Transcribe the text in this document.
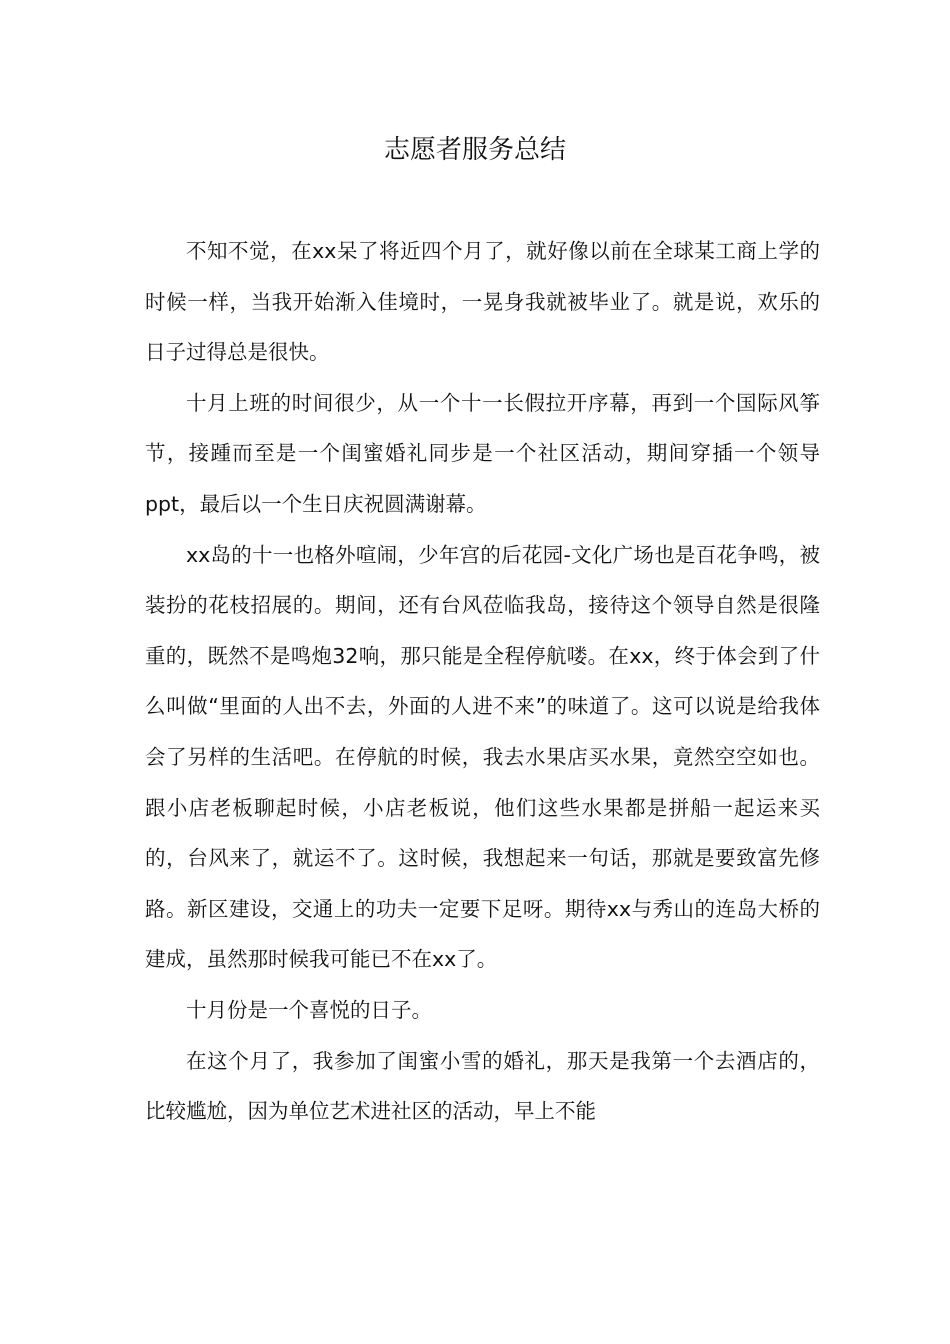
志愿者服务总结

不知不觉，在xx呆了将近四个月了，就好像以前在全球某工商上学的时候一样，当我开始渐入佳境时，一晃身我就被毕业了。就是说，欢乐的日子过得总是很快。

十月上班的时间很少，从一个十一长假拉开序幕，再到一个国际风筝节，接踵而至是一个闺蜜婚礼同步是一个社区活动，期间穿插一个领导ppt，最后以一个生日庆祝圆满谢幕。

xx岛的十一也格外喧闹，少年宫的后花园-文化广场也是百花争鸣，被装扮的花枝招展的。期间，还有台风莅临我岛，接待这个领导自然是很隆重的，既然不是鸣炮32响，那只能是全程停航喽。在xx，终于体会到了什么叫做“里面的人出不去，外面的人进不来”的味道了。这可以说是给我体会了另样的生活吧。在停航的时候，我去水果店买水果，竟然空空如也。跟小店老板聊起时候，小店老板说，他们这些水果都是拼船一起运来买的，台风来了，就运不了。这时候，我想起来一句话，那就是要致富先修路。新区建设，交通上的功夫一定要下足呀。期待xx与秀山的连岛大桥的建成，虽然那时候我可能已不在xx了。

十月份是一个喜悦的日子。

在这个月了，我参加了闺蜜小雪的婚礼，那天是我第一个去酒店的，比较尴尬，因为单位艺术进社区的活动，早上不能
